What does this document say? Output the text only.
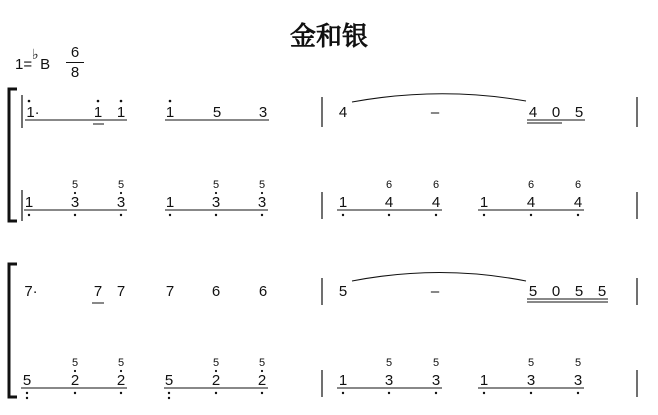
金和银
1=
♭
B
6
8
1·	1 1	1	5	3	4	–	4 0 5
1
5
3
5
3	1
5
3
5
3	1
6
4
6
4	1
6
4
6
4
7·	7 7	7	6	6	5	–	5 0 5 5
5
5
2
5
2	5
5
2
5
2	1
5
3
5
3	1
5
3
5
3
